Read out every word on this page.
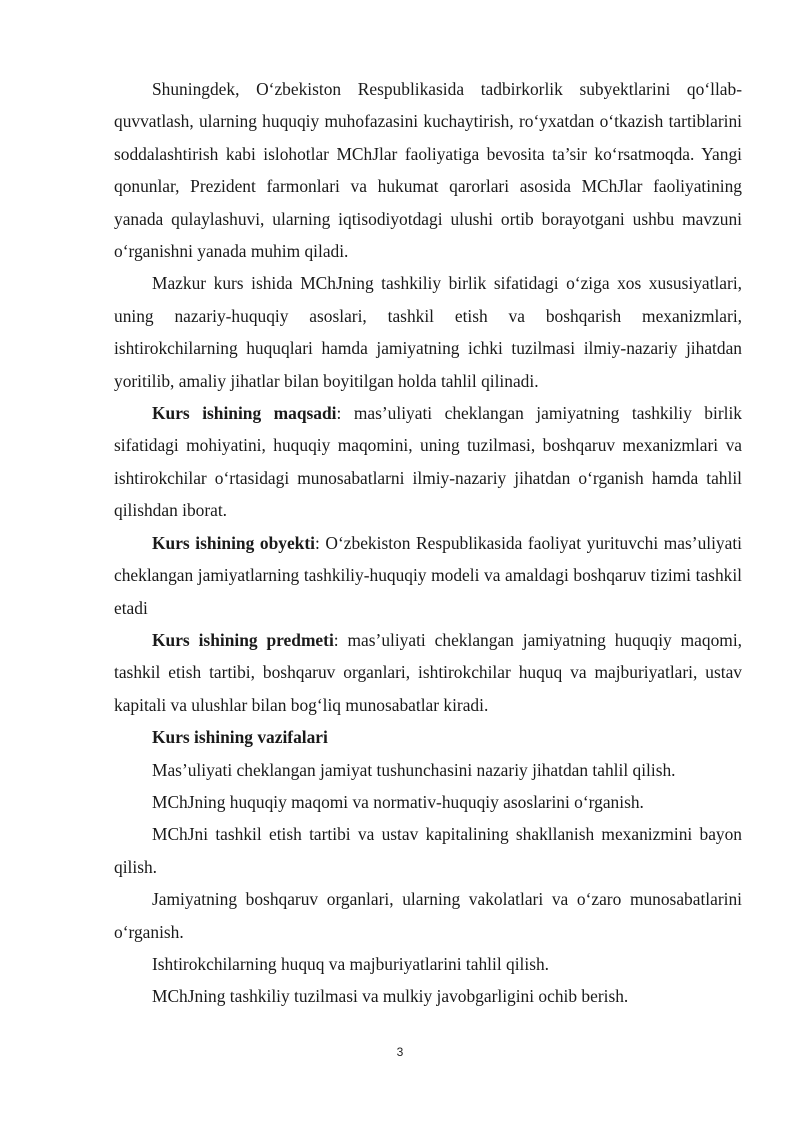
Shuningdek, O‘zbekiston Respublikasida tadbirkorlik subyektlarini qo‘llab-quvvatlash, ularning huquqiy muhofazasini kuchaytirish, ro‘yxatdan o‘tkazish tartiblarini soddalashtirish kabi islohotlar MChJlar faoliyatiga bevosita ta’sir ko‘rsatmoqda. Yangi qonunlar, Prezident farmonlari va hukumat qarorlari asosida MChJlar faoliyatining yanada qulaylashuvi, ularning iqtisodiyotdagi ulushi ortib borayotgani ushbu mavzuni o‘rganishni yanada muhim qiladi.

Mazkur kurs ishida MChJning tashkiliy birlik sifatidagi o‘ziga xos xususiyatlari, uning nazariy-huquqiy asoslari, tashkil etish va boshqarish mexanizmlari, ishtirokchilarning huquqlari hamda jamiyatning ichki tuzilmasi ilmiy-nazariy jihatdan yoritilib, amaliy jihatlar bilan boyitilgan holda tahlil qilinadi.

Kurs ishining maqsadi: mas’uliyati cheklangan jamiyatning tashkiliy birlik sifatidagi mohiyatini, huquqiy maqomini, uning tuzilmasi, boshqaruv mexanizmlari va ishtirokchilar o‘rtasidagi munosabatlarni ilmiy-nazariy jihatdan o‘rganish hamda tahlil qilishdan iborat.

Kurs ishining obyekti: O‘zbekiston Respublikasida faoliyat yurituvchi mas’uliyati cheklangan jamiyatlarning tashkiliy-huquqiy modeli va amaldagi boshqaruv tizimi tashkil etadi

Kurs ishining predmeti: mas’uliyati cheklangan jamiyatning huquqiy maqomi, tashkil etish tartibi, boshqaruv organlari, ishtirokchilar huquq va majburiyatlari, ustav kapitali va ulushlar bilan bog‘liq munosabatlar kiradi.

Kurs ishining vazifalari

Mas’uliyati cheklangan jamiyat tushunchasini nazariy jihatdan tahlil qilish.

MChJning huquqiy maqomi va normativ-huquqiy asoslarini o‘rganish.

MChJni tashkil etish tartibi va ustav kapitalining shakllanish mexanizmini bayon qilish.

Jamiyatning boshqaruv organlari, ularning vakolatlari va o‘zaro munosabatlarini o‘rganish.

Ishtirokchilarning huquq va majburiyatlarini tahlil qilish.

MChJning tashkiliy tuzilmasi va mulkiy javobgarligini ochib berish.

3
